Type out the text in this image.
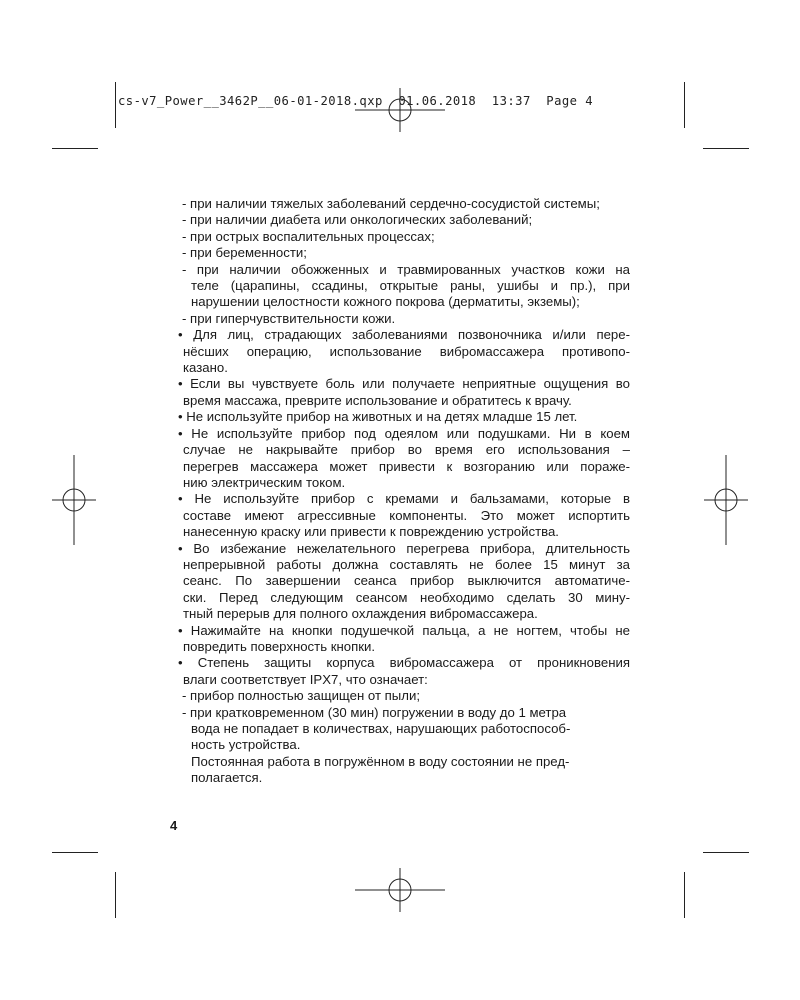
cs-v7_Power__3462P__06-01-2018.qxp  01.06.2018  13:37  Page 4
- при наличии тяжелых заболеваний сердечно-сосудистой системы;
- при наличии диабета или онкологических заболеваний;
- при острых воспалительных процессах;
- при беременности;
- при наличии обожженных и травмированных участков кожи на
теле (царапины, ссадины, открытые раны, ушибы и пр.), при
нарушении целостности кожного покрова (дерматиты, экземы);
- при гиперчувствительности кожи.
• Для лиц, страдающих заболеваниями позвоночника и/или пере-
нёсших операцию, использование вибромассажера противопо-
казано.
• Если вы чувствуете боль или получаете неприятные ощущения во
время массажа, преврите использование и обратитесь к врачу.
• Не используйте прибор на животных и на детях младше 15 лет.
• Не используйте прибор под одеялом или подушками. Ни в коем
случае не накрывайте прибор во время его использования –
перегрев массажера может привести к возгоранию или пораже-
нию электрическим током.
• Не используйте прибор с кремами и бальзамами, которые в
составе имеют агрессивные компоненты. Это может испортить
нанесенную краску или привести к повреждению устройства.
• Во избежание нежелательного перегрева прибора, длительность
непрерывной работы должна составлять не более 15 минут за
сеанс. По завершении сеанса прибор выключится автоматиче-
ски. Перед следующим сеансом необходимо сделать 30 мину-
тный перерыв для полного охлаждения вибромассажера.
• Нажимайте на кнопки подушечкой пальца, а не ногтем, чтобы не
повредить поверхность кнопки.
• Степень защиты корпуса вибромассажера от проникновения
влаги соответствует IPX7, что означает:
- прибор полностью защищен от пыли;
- при кратковременном (30 мин) погружении в воду до 1 метра
вода не попадает в количествах, нарушающих работоспособ-
ность устройства.
Постоянная работа в погружённом в воду состоянии не пред-
полагается.
4
